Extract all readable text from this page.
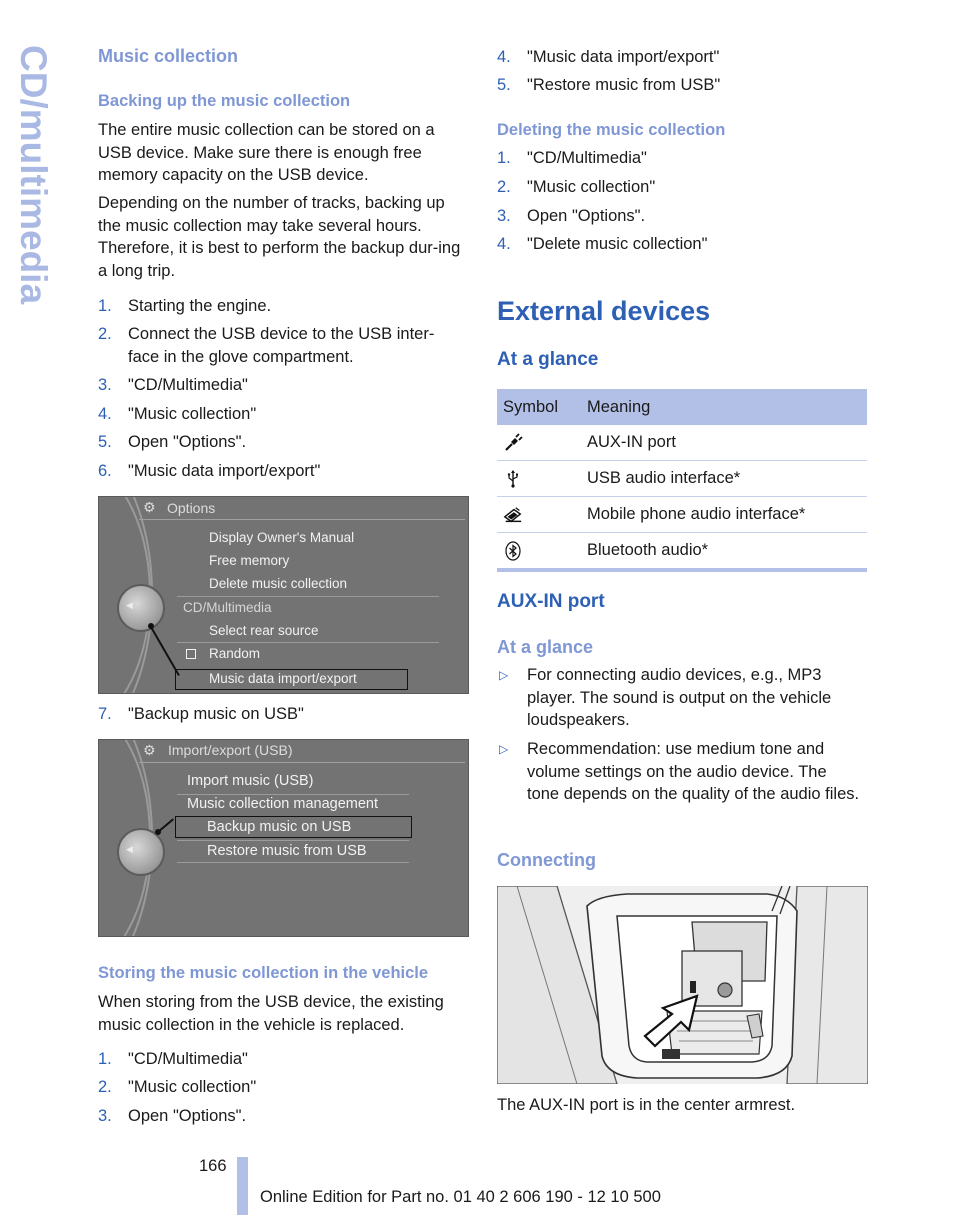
CD/multimedia Music collection
Backing up the music collection

The entire music collection can be stored on a USB device. Make sure there is enough free memory capacity on the USB device.

Depending on the number of tracks, backing up the music collection may take several hours. Therefore, it is best to perform the backup dur-ing a long trip.

1. Starting the engine.
2. Connect the USB device to the USB inter-face in the glove compartment.
3. "CD/Multimedia"
4. "Music collection"
5. Open "Options".
6. "Music data import/export"
◀
⚙ Options
Display Owner's Manual
Free memory
Delete music collection
CD/Multimedia
Select rear source
Random
Music data import/export
7. "Backup music on USB"
◀
⚙ Import/export (USB)
Import music (USB)
Music collection management
Backup music on USB
Restore music from USB
Storing the music collection in the vehicle

When storing from the USB device, the existing music collection in the vehicle is replaced.

1. "CD/Multimedia"
2. "Music collection"
3. Open "Options".
4. "Music data import/export"
5. "Restore music from USB"
Deleting the music collection
1. "CD/Multimedia"
2. "Music collection"
3. Open "Options".
4. "Delete music collection"
External devices
At a glance
Symbol	Meaning
	AUX-IN port
	USB audio interface*
	Mobile phone audio interface*
	Bluetooth audio*
AUX-IN port
At a glance
▷ For connecting audio devices, e.g., MP3 player. The sound is output on the vehicle loudspeakers.
▷ Recommendation: use medium tone and volume settings on the audio device. The tone depends on the quality of the audio files.
Connecting

The AUX-IN port is in the center armrest.

166
Online Edition for Part no. 01 40 2 606 190 - 12 10 500
